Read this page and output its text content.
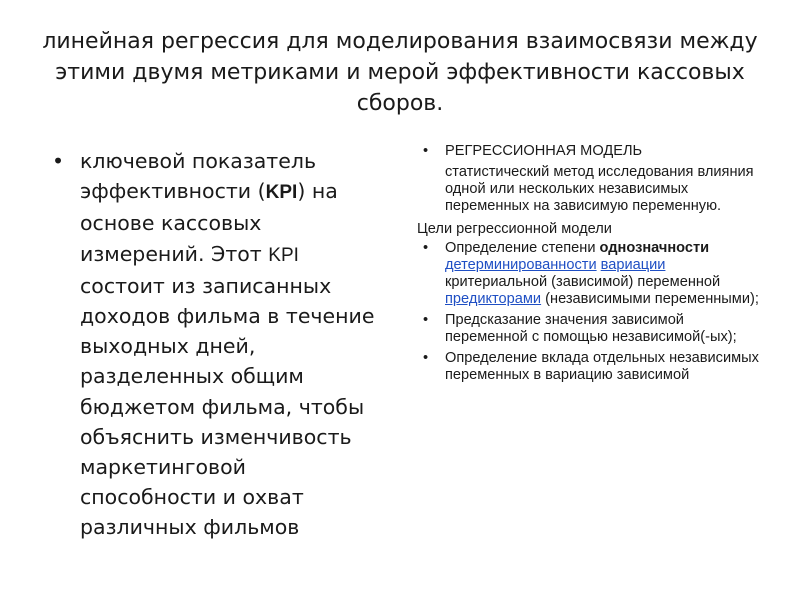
линейная регрессия для моделирования взаимосвязи между этими двумя метриками и мерой эффективности кассовых сборов.
• ключевой показатель эффективности (KPI) на основе кассовых измерений. Этот KPI состоит из записанных доходов фильма в течение выходных дней, разделенных общим бюджетом фильма, чтобы объяснить изменчивость маркетинговой способности и охват различных фильмов
• РЕГРЕССИОННАЯ МОДЕЛЬ
статистический метод исследования влияния одной или нескольких независимых переменных на зависимую переменную.
Цели регрессионной модели
• Определение степени однозначности детерминированности вариации критериальной (зависимой) переменной предикторами (независимыми переменными);
• Предсказание значения зависимой переменной с помощью независимой(-ых);
• Определение вклада отдельных независимых переменных в вариацию зависимой
